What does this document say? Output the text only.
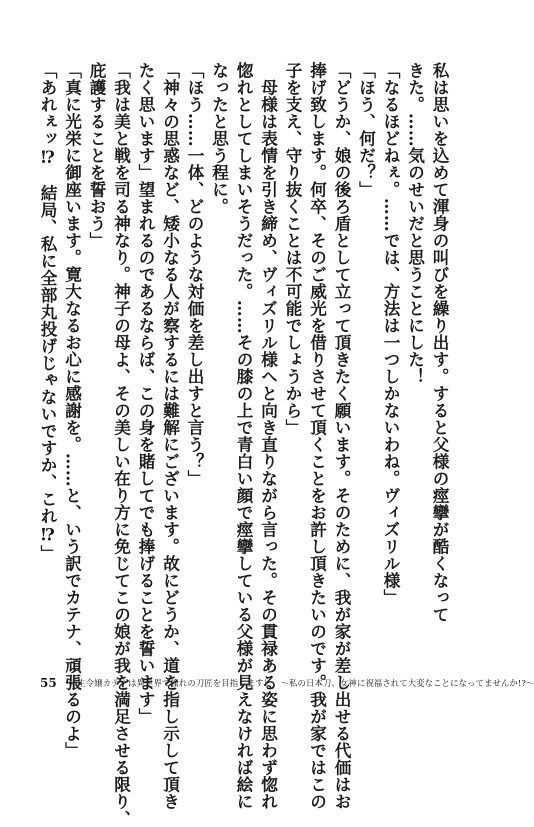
私は思いを込めて渾身の叫びを繰り出す。すると父様の痙攣が酷くなって
きた。……気のせいだと思うことにした！
「なるほどねぇ。……では、方法は一つしかないわね。ヴィズリル様」
「ほう、何だ？」
「どうか、娘の後ろ盾として立って頂きたく願います。そのために、我が家が差し出せる代価はお
捧げ致します。何卒、そのご威光を借りさせて頂くことをお許し頂きたいのです。我が家ではこの
子を支え、守り抜くことは不可能でしょうから」
　母様は表情を引き締め、ヴィズリル様へと向き直りながら言った。その貫禄ある姿に思わず惚れ
惚れとしてしまいそうだった。……その膝の上で青白い顔で痙攣している父様が見えなければ絵に
なったと思う程に。
「ほう……一体、どのような対価を差し出すと言う？」
「神々の思惑など、矮小なる人が察するには難解にございます。故にどうか、道を指し示して頂き
たく思います」望まれるのであるならば、この身を賭してでも捧げることを誓います」
「我は美と戦を司る神なり。神子の母よ、その美しい在り方に免じてこの娘が我を満足させる限り、
庇護することを誓おう」
「真に光栄に御座います。寛大なるお心に感謝を。……と、いう訳でカテナ、頑張るのよ」
「あれぇッ⁉　結局、私に全部丸投げじゃないですか、これ⁉」
55 転生令嬢カテナは異世界で憧れの刀匠を目指します！　～私の日本刀、女神に祝福されて大変なことになってませんか!?～
